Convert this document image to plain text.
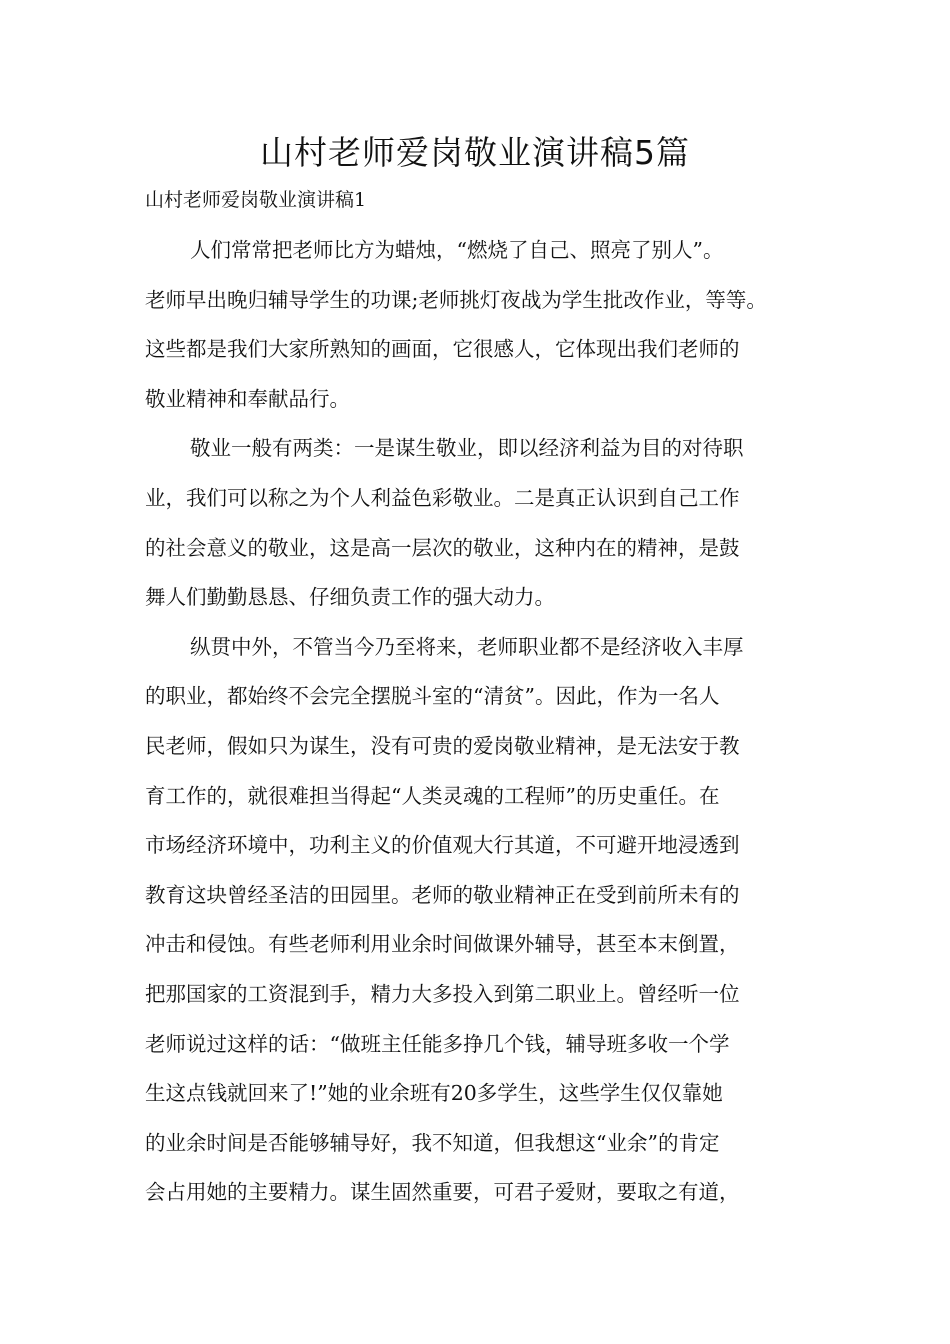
山村老师爱岗敬业演讲稿5篇

山村老师爱岗敬业演讲稿1

人们常常把老师比方为蜡烛，“燃烧了自己、照亮了别人”。
老师早出晚归辅导学生的功课;老师挑灯夜战为学生批改作业，等等。
这些都是我们大家所熟知的画面，它很感人，它体现出我们老师的
敬业精神和奉献品行。

敬业一般有两类：一是谋生敬业，即以经济利益为目的对待职
业，我们可以称之为个人利益色彩敬业。二是真正认识到自己工作
的社会意义的敬业，这是高一层次的敬业，这种内在的精神，是鼓
舞人们勤勤恳恳、仔细负责工作的强大动力。

纵贯中外，不管当今乃至将来，老师职业都不是经济收入丰厚
的职业，都始终不会完全摆脱斗室的“清贫”。因此，作为一名人
民老师，假如只为谋生，没有可贵的爱岗敬业精神，是无法安于教
育工作的，就很难担当得起“人类灵魂的工程师”的历史重任。在
市场经济环境中，功利主义的价值观大行其道，不可避开地浸透到
教育这块曾经圣洁的田园里。老师的敬业精神正在受到前所未有的
冲击和侵蚀。有些老师利用业余时间做课外辅导，甚至本末倒置，
把那国家的工资混到手，精力大多投入到第二职业上。曾经听一位
老师说过这样的话：“做班主任能多挣几个钱，辅导班多收一个学
生这点钱就回来了!”她的业余班有20多学生，这些学生仅仅靠她
的业余时间是否能够辅导好，我不知道，但我想这“业余”的肯定
会占用她的主要精力。谋生固然重要，可君子爱财，要取之有道，
